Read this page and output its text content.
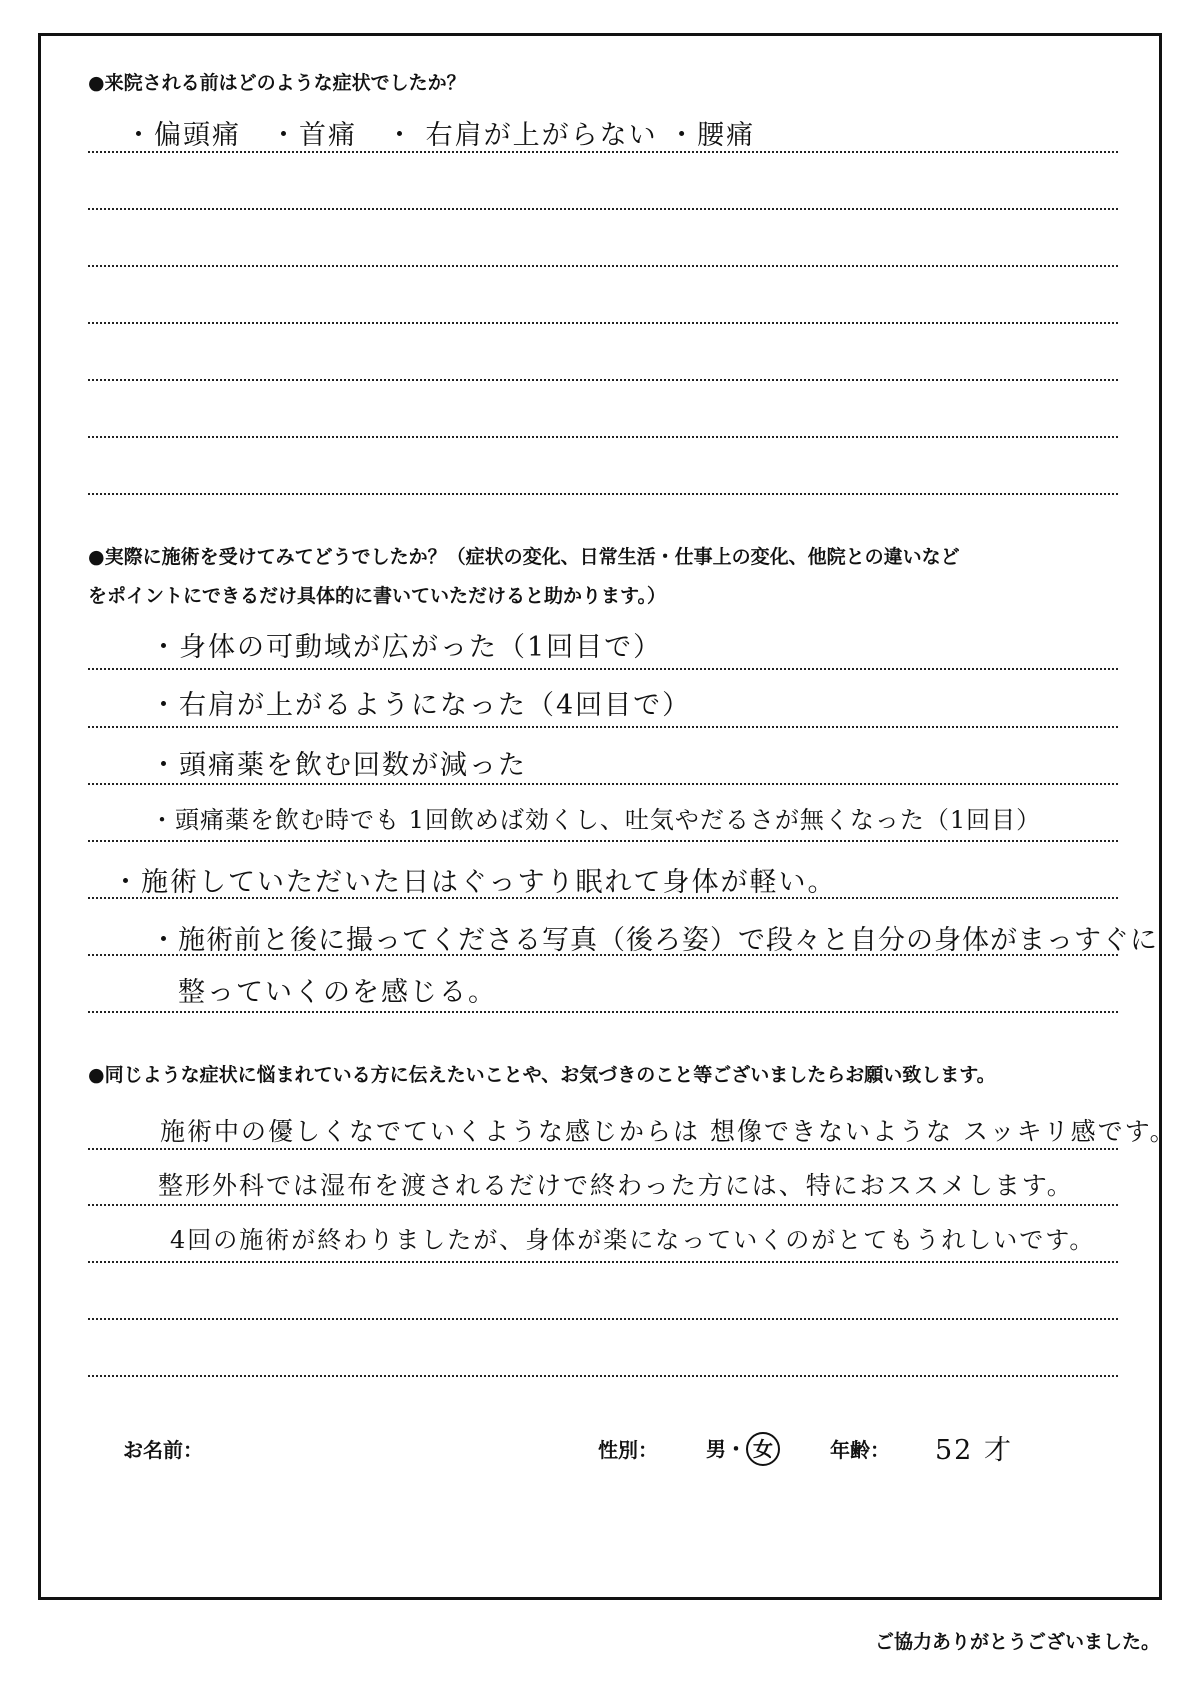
●来院される前はどのような症状でしたか？
・偏頭痛　・首痛　・ 右肩が上がらない ・腰痛
●実際に施術を受けてみてどうでしたか？（症状の変化、日常生活・仕事上の変化、他院との違いなど
をポイントにできるだけ具体的に書いていただけると助かります。）
・身体の可動域が広がった（1回目で）
・右肩が上がるようになった（4回目で）
・頭痛薬を飲む回数が減った
・頭痛薬を飲む時でも 1回飲めば効くし、吐気やだるさが無くなった（1回目）
・施術していただいた日はぐっすり眠れて身体が軽い。
・施術前と後に撮ってくださる写真（後ろ姿）で段々と自分の身体がまっすぐに
整っていくのを感じる。
●同じような症状に悩まれている方に伝えたいことや、お気づきのこと等ございましたらお願い致します。
施術中の優しくなでていくような感じからは 想像できないような スッキリ感です。
整形外科では湿布を渡されるだけで終わった方には、特におススメします。
4回の施術が終わりましたが、身体が楽になっていくのがとてもうれしいです。
お名前：	性別： 男・ 女	年齢： 52 才
ご協力ありがとうございました。
